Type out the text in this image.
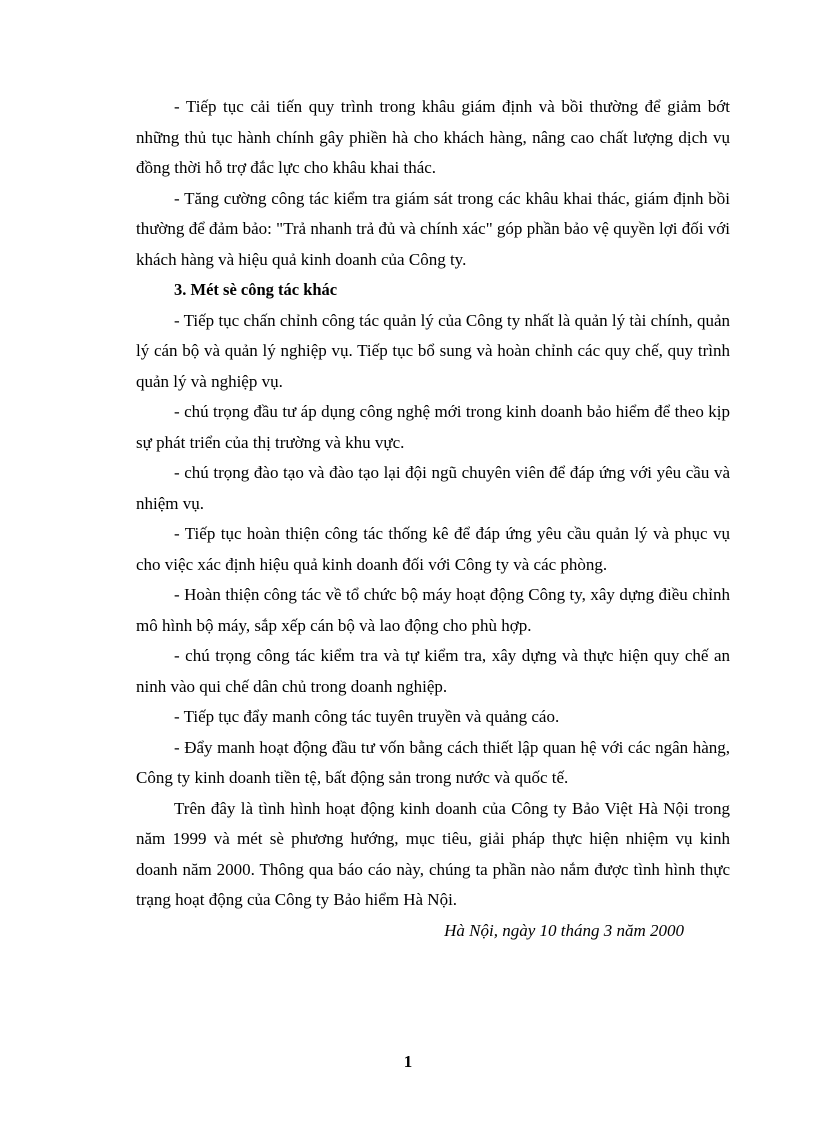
- Tiếp tục cải tiến quy trình trong khâu giám định và bồi thường để giảm bớt những thủ tục hành chính gây phiền hà cho khách hàng, nâng cao chất lượng dịch vụ đồng thời hỗ trợ đắc lực cho khâu khai thác.

- Tăng cường công tác kiểm tra giám sát trong các khâu khai thác, giám định bồi thường để đảm bảo: "Trả nhanh trả đủ và chính xác" góp phần bảo vệ quyền lợi đối với khách hàng và hiệu quả kinh doanh của Công ty.

3. Mét sè công tác khác

- Tiếp tục chấn chỉnh công tác quản lý của Công ty nhất là quản lý tài chính, quản lý cán bộ và quản lý nghiệp vụ. Tiếp tục bổ sung và hoàn chỉnh các quy chế, quy trình quản lý và nghiệp vụ.

- chú trọng đầu tư áp dụng công nghệ mới trong kinh doanh bảo hiểm để theo kịp sự phát triển của thị trường và khu vực.

- chú trọng đào tạo và đào tạo lại đội ngũ chuyên viên để đáp ứng với yêu cầu và nhiệm vụ.

- Tiếp tục hoàn thiện công tác thống kê để đáp ứng yêu cầu quản lý và phục vụ cho việc xác định hiệu quả kinh doanh đối với Công ty và các phòng.

- Hoàn thiện công tác về tổ chức bộ máy hoạt động Công ty, xây dựng điều chỉnh mô hình bộ máy, sắp xếp cán bộ và lao động cho phù hợp.

- chú trọng công tác kiểm tra và tự kiểm tra, xây dựng và thực hiện quy chế an ninh vào qui chế dân chủ trong doanh nghiệp.

- Tiếp tục đẩy manh công tác tuyên truyền và quảng cáo.

- Đẩy manh hoạt động đầu tư vốn bằng cách thiết lập quan hệ với các ngân hàng, Công ty kinh doanh tiền tệ, bất động sản trong nước và quốc tế.

Trên đây là tình hình hoạt động kinh doanh của Công ty Bảo Việt Hà Nội trong năm 1999 và mét sè phương hướng, mục tiêu, giải pháp thực hiện nhiệm vụ kinh doanh năm 2000. Thông qua báo cáo này, chúng ta phần nào nắm được tình hình thực trạng hoạt động của Công ty Bảo hiểm Hà Nội.

Hà Nội, ngày 10 tháng 3 năm 2000

1
